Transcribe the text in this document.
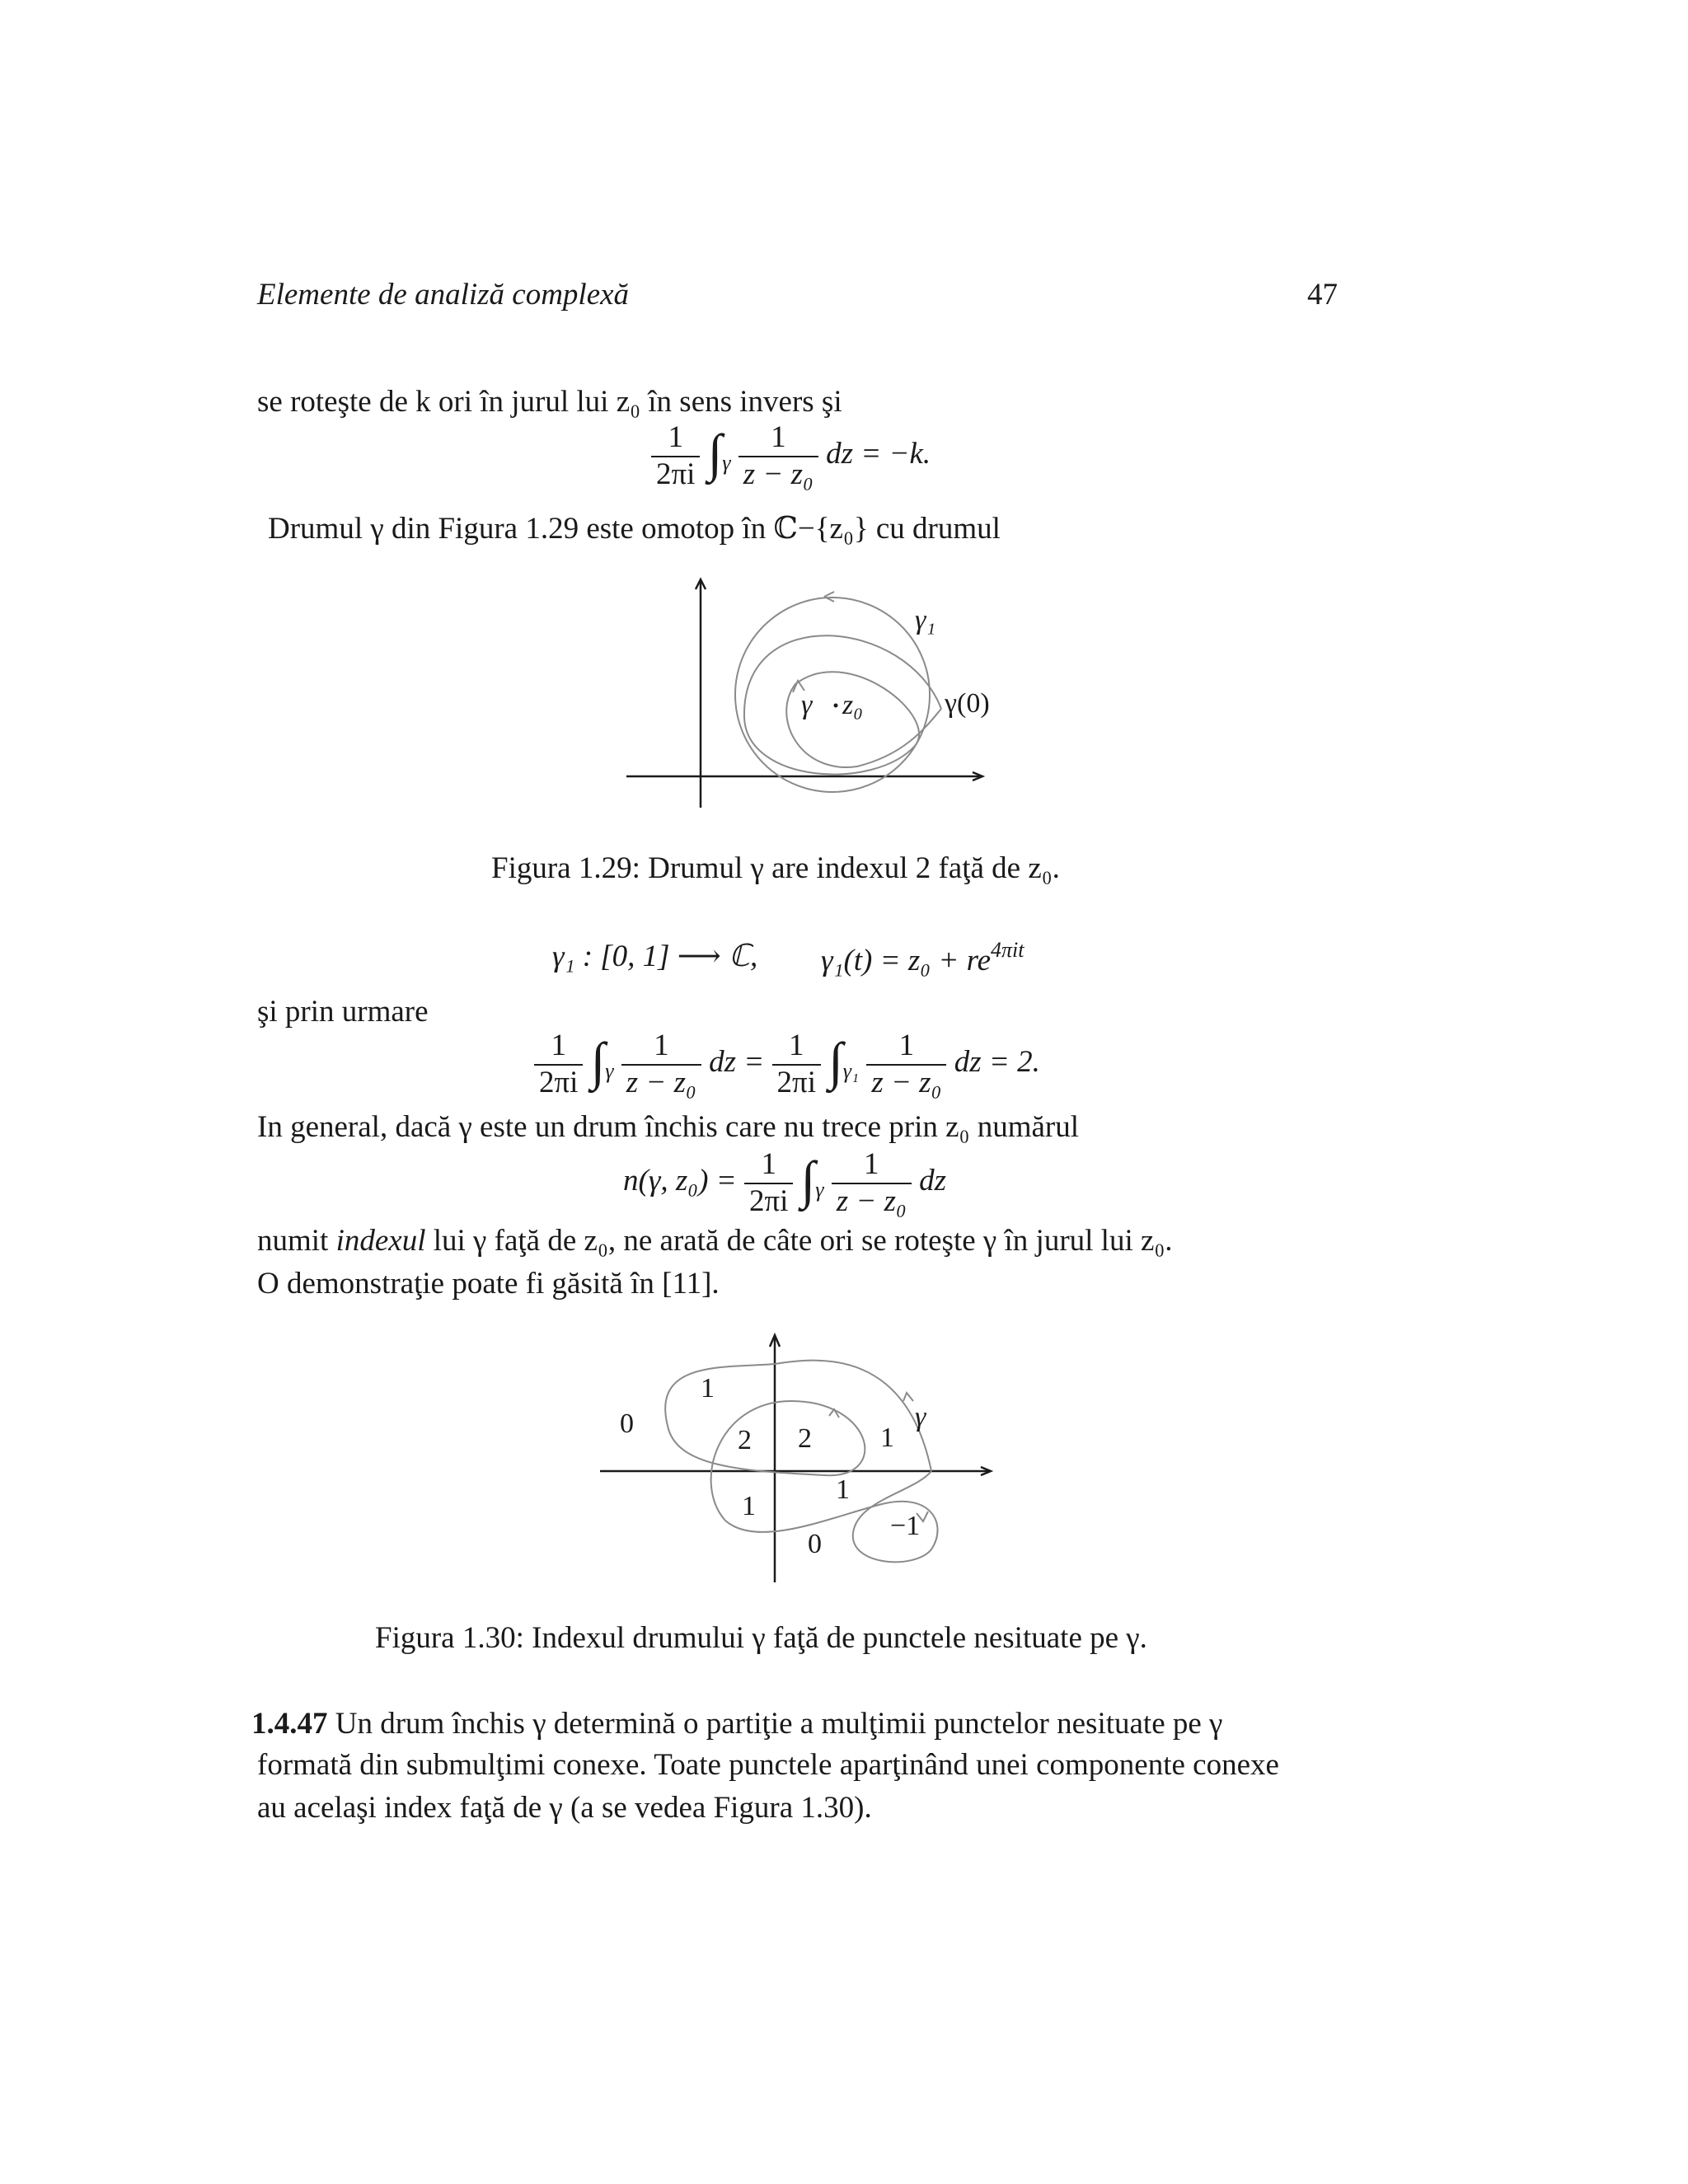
Elemente de analiză complexă	47
se roteşte de k ori în jurul lui z₀ în sens invers şi
$\frac{1}{2\pi i} \int_\gamma \frac{1}{\text{z − z₀}}$ dz = −k.
Drumul γ din Figura 1.29 este omotop în ℂ−{z₀} cu drumul
γ₁
γ z₀	γ(0)
Figura 1.29: Drumul γ are indexul 2 faţă de z₀.
γ₁ : [0, 1] ⟶ ℂ, $\gamma_1(t) = z_0 + re^{4\pi it}$
şi prin urmare
$\frac{1}{2\pi i} \int_\gamma \frac{1}{\text{z − z₀}}$ dz = $\frac{1}{2\pi i} \int_{\gamma_1} \frac{1}{\text{z − z₀}}$ dz = 2.
In general, dacă γ este un drum închis care nu trece prin z₀ numărul
n(γ, $z_0) = \frac{1}{2\pi i} \int_\gamma \frac{1}{\text{z − z₀}}$ dz
numit indexul lui γ faţă de z₀, ne arată de câte ori se roteşte γ în jurul lui z₀.
O demonstraţie poate fi găsită în [11].
0
1
2 2 1
γ
1
1
0
−1
Figura 1.30: Indexul drumului γ faţă de punctele nesituate pe γ.
1.4.47 Un drum închis γ determină o partiţie a mulţimii punctelor nesituate pe γ
formată din submulţimi conexe. Toate punctele aparţinând unei componente conexe
au acelaşi index faţă de γ (a se vedea Figura 1.30).
